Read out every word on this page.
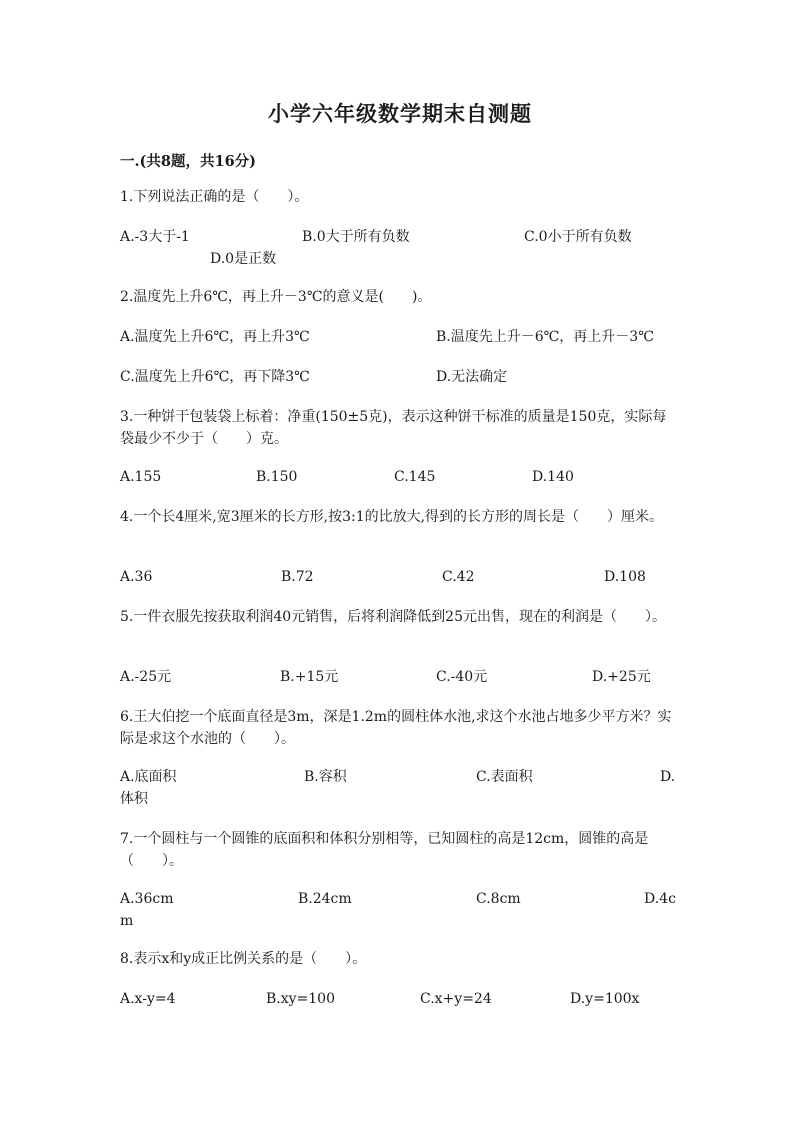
小学六年级数学期末自测题
一.(共8题，共16分)
1.下列说法正确的是（　　）。
A.-3大于-1	B.0大于所有负数	C.0小于所有负数
D.0是正数
2.温度先上升6℃，再上升－3℃的意义是(　　)。
A.温度先上升6℃，再上升3℃	B.温度先上升－6℃，再上升－3℃
C.温度先上升6℃，再下降3℃	D.无法确定
3.一种饼干包装袋上标着：净重(150±5克)，表示这种饼干标准的质量是150克，实际每袋最少不少于（　　）克。
A.155	B.150	C.145	D.140
4.一个长4厘米,宽3厘米的长方形,按3:1的比放大,得到的长方形的周长是（　　）厘米。
A.36	B.72	C.42	D.108
5.一件衣服先按获取利润40元销售，后将利润降低到25元出售，现在的利润是（　　）。
A.-25元	B.+15元	C.-40元	D.+25元
6.王大伯挖一个底面直径是3m，深是1.2m的圆柱体水池,求这个水池占地多少平方米？实际是求这个水池的（　　）。
A.底面积	B.容积	C.表面积	D.
体积
7.一个圆柱与一个圆锥的底面积和体积分别相等，已知圆柱的高是12cm，圆锥的高是（　　）。
A.36cm	B.24cm	C.8cm	D.4c
m
8.表示x和y成正比例关系的是（　　）。
A.x-y=4	B.xy=100	C.x+y=24	D.y=100x
